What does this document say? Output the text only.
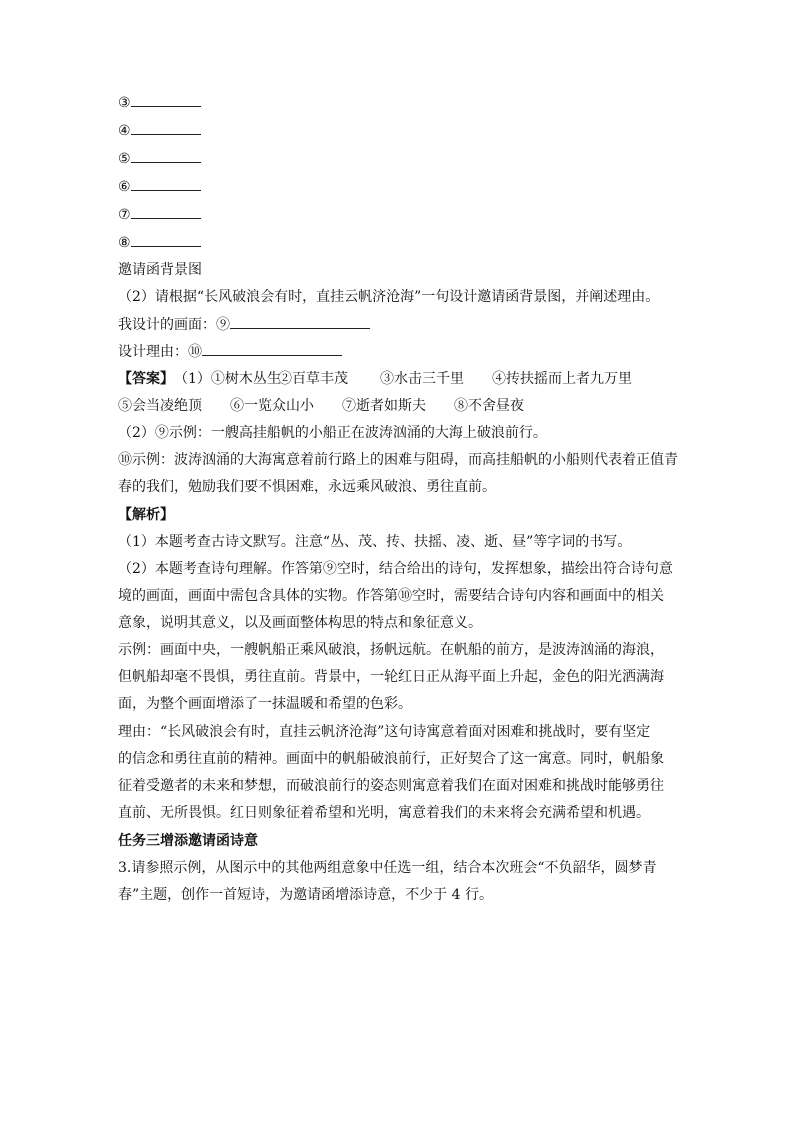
③
④
⑤
⑥
⑦
⑧
邀请函背景图
（2）请根据“长风破浪会有时，直挂云帆济沧海”一句设计邀请函背景图，并阐述理由。
我设计的画面：⑨
设计理由：⑩
【答案】（1）①树木丛生②百草丰茂 ③水击三千里 ④抟扶摇而上者九万里
⑤会当凌绝顶 ⑥一览众山小 ⑦逝者如斯夫 ⑧不舍昼夜
（2）⑨示例：一艘高挂船帆的小船正在波涛汹涌的大海上破浪前行。
⑩示例：波涛汹涌的大海寓意着前行路上的困难与阻碍，而高挂船帆的小船则代表着正值青
春的我们，勉励我们要不惧困难，永远乘风破浪、勇往直前。
【解析】
（1）本题考查古诗文默写。注意“丛、茂、抟、扶摇、凌、逝、昼”等字词的书写。
（2）本题考查诗句理解。作答第⑨空时，结合给出的诗句，发挥想象，描绘出符合诗句意
境的画面，画面中需包含具体的实物。作答第⑩空时，需要结合诗句内容和画面中的相关
意象，说明其意义，以及画面整体构思的特点和象征意义。
示例：画面中央，一艘帆船正乘风破浪，扬帆远航。在帆船的前方，是波涛汹涌的海浪，
但帆船却毫不畏惧，勇往直前。背景中，一轮红日正从海平面上升起，金色的阳光洒满海
面，为整个画面增添了一抹温暖和希望的色彩。
理由：“长风破浪会有时，直挂云帆济沧海”这句诗寓意着面对困难和挑战时，要有坚定
的信念和勇往直前的精神。画面中的帆船破浪前行，正好契合了这一寓意。同时，帆船象
征着受邀者的未来和梦想，而破浪前行的姿态则寓意着我们在面对困难和挑战时能够勇往
直前、无所畏惧。红日则象征着希望和光明，寓意着我们的未来将会充满希望和机遇。
任务三增添邀请函诗意
3.请参照示例，从图示中的其他两组意象中任选一组，结合本次班会“不负韶华，圆梦青
春”主题，创作一首短诗，为邀请函增添诗意，不少于 4 行。
